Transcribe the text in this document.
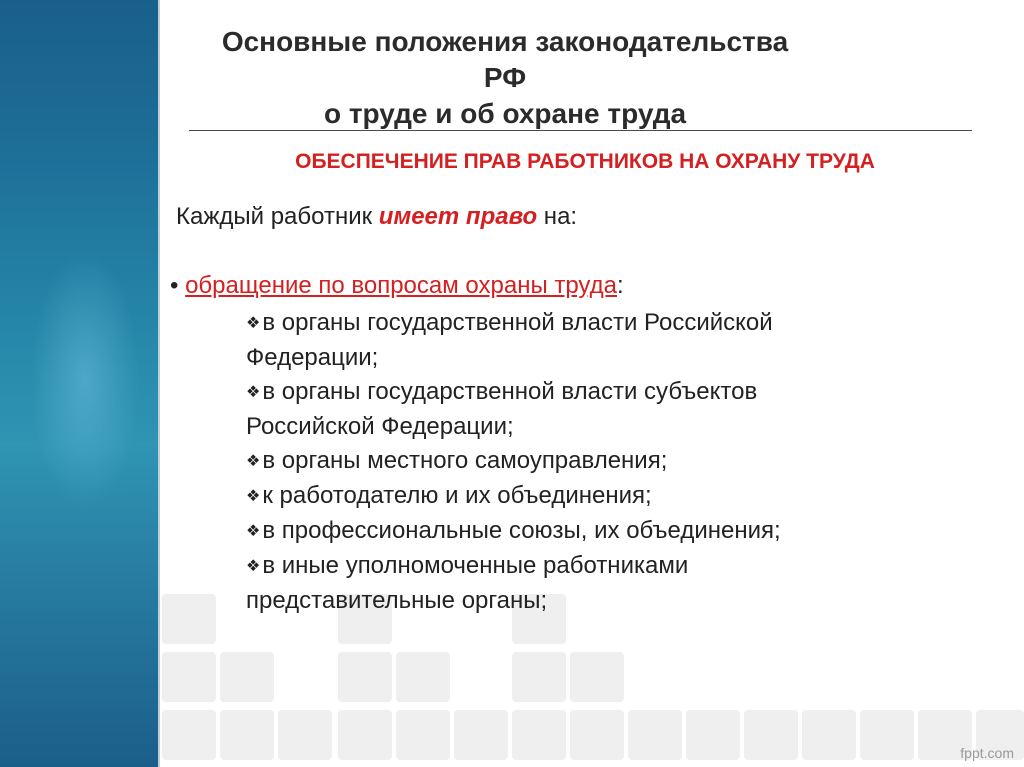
Основные положения законодательства РФ
о труде и об охране труда
ОБЕСПЕЧЕНИЕ ПРАВ РАБОТНИКОВ НА ОХРАНУ ТРУДА
Каждый работник имеет право на:
• обращение по вопросам охраны труда:
❖в органы государственной власти Российской
Федерации;
❖в органы государственной власти субъектов
Российской Федерации;
❖в органы местного самоуправления;
❖к работодателю и их объединения;
❖в профессиональные союзы, их объединения;
❖в иные уполномоченные работниками
представительные органы;
fppt.com
